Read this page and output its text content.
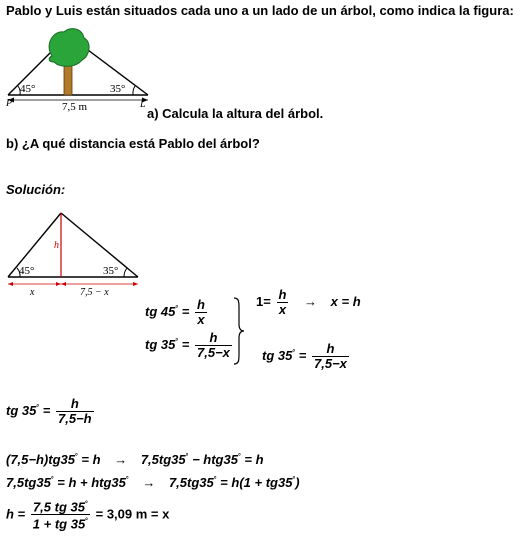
Pablo y Luis están situados cada uno a un lado de un árbol, como indica la figura:
45°	35°
P	L
7,5 m	a) Calcula la altura del árbol.
b) ¿A qué distancia está Pablo del árbol?
Solución:
45°	35°
h
x	7,5 − x
tg $45^\circ = \frac{h}{x}$
tg $35^\circ = \frac{h}{7,5-x}$
$1= \frac{h}{x} \to x = h$
tg $35^\circ = \frac{h}{7,5-x}$
tg $35^\circ = \frac{h}{7,5-h}$
(7,5−h)tg35° = h → 7,5tg35° − htg35° = h
7,5tg35° = h + htg35° → 7,5tg35° = h(1 + tg35°)
$h = \frac{7,5 tg 35^\circ}{1 + tg 35^\circ} = 3,09$ m = x
